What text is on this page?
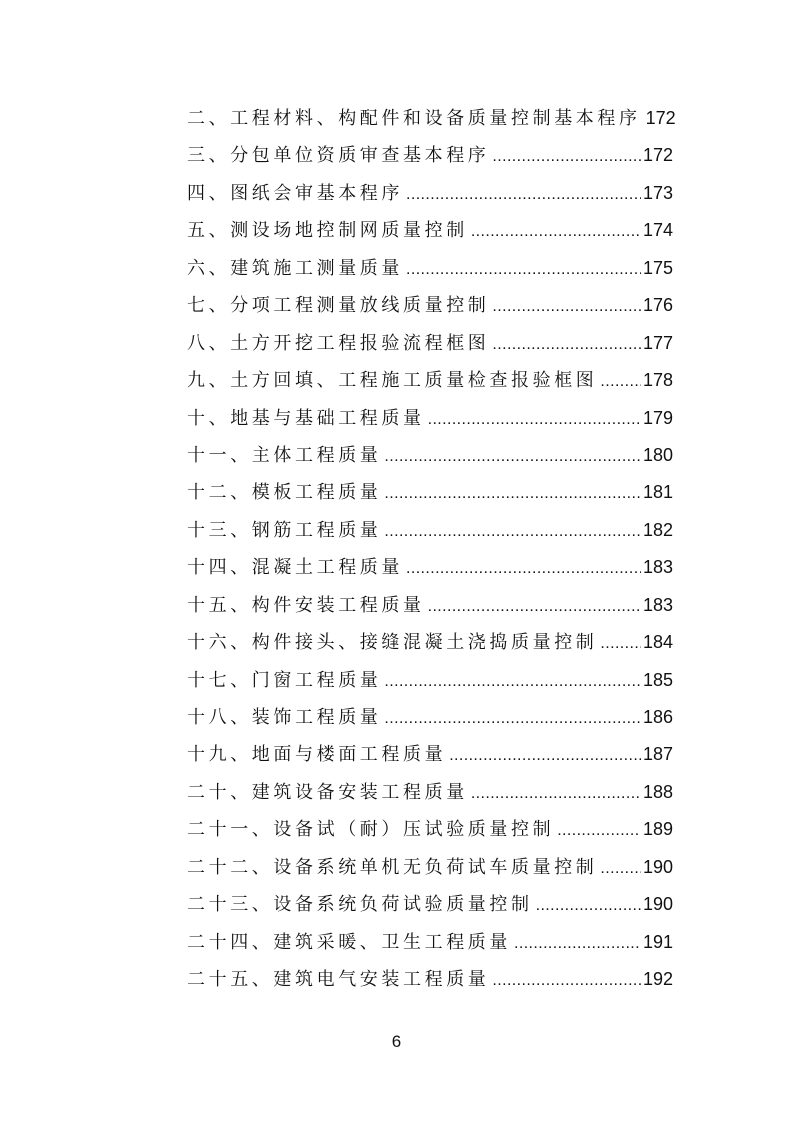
二、工程材料、构配件和设备质量控制基本程序 172
三、分包单位资质审查基本程序 .....	172
四、图纸会审基本程序 .....	173
五、测设场地控制网质量控制 .....	174
六、建筑施工测量质量 .....	175
七、分项工程测量放线质量控制 .....	176
八、土方开挖工程报验流程框图 .....	177
九、土方回填、工程施工质量检查报验框图 .....	178
十、地基与基础工程质量 .....	179
十一、主体工程质量 .....	180
十二、模板工程质量 .....	181
十三、钢筋工程质量 .....	182
十四、混凝土工程质量 .....	183
十五、构件安装工程质量 .....	183
十六、构件接头、接缝混凝土浇捣质量控制 .....	184
十七、门窗工程质量 .....	185
十八、装饰工程质量 .....	186
十九、地面与楼面工程质量 .....	187
二十、建筑设备安装工程质量 .....	188
二十一、设备试（耐）压试验质量控制 .....	189
二十二、设备系统单机无负荷试车质量控制 .....	190
二十三、设备系统负荷试验质量控制 .....	190
二十四、建筑采暖、卫生工程质量 .....	191
二十五、建筑电气安装工程质量 .....	192
6
